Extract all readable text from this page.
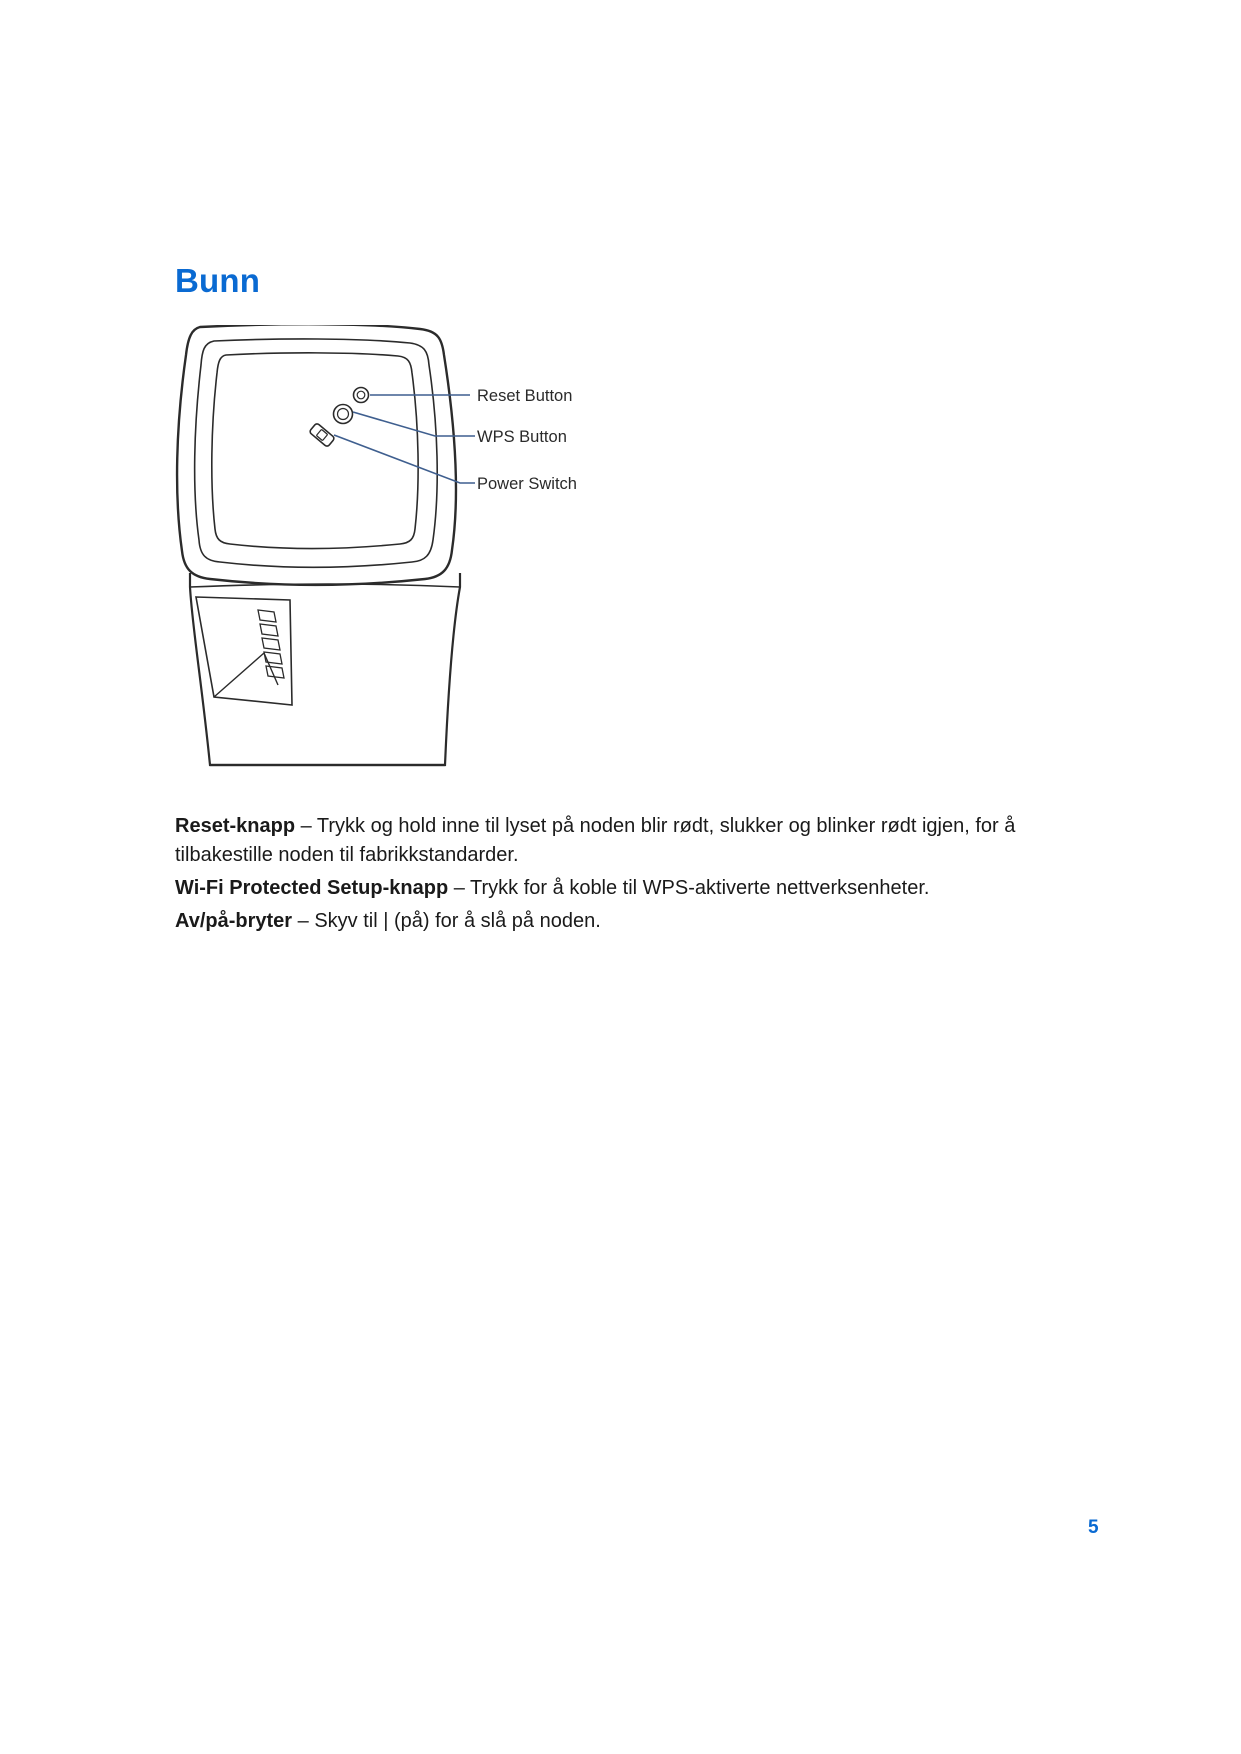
Bunn
Reset Button
WPS Button
Power Switch

Reset-knapp – Trykk og hold inne til lyset på noden blir rødt, slukker og blinker rødt igjen, for å tilbakestille noden til fabrikkstandarder.

Wi-Fi Protected Setup-knapp – Trykk for å koble til WPS-aktiverte nettverksenheter.

Av/på-bryter – Skyv til | (på) for å slå på noden.

5
